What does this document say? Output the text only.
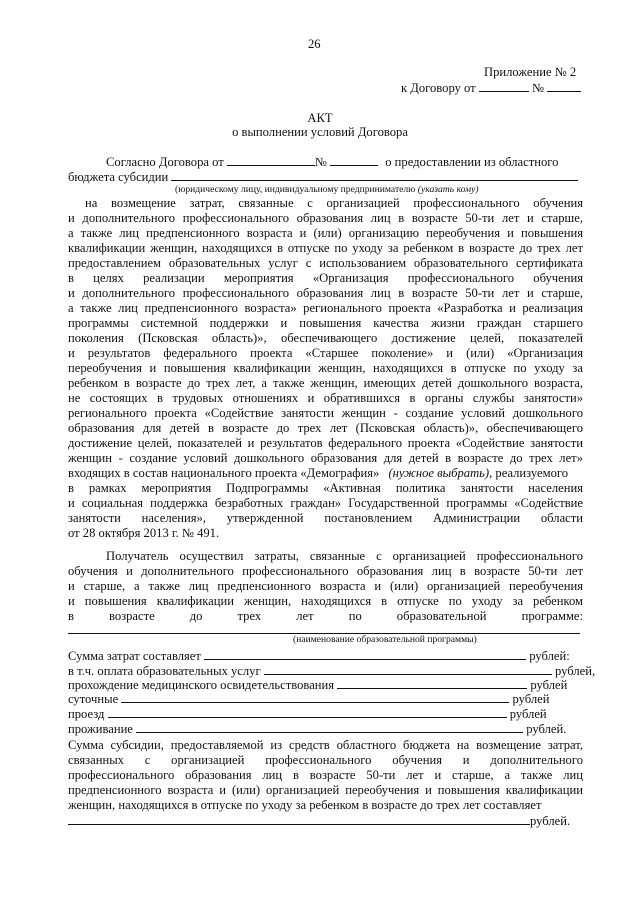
26
Приложение № 2
к Договору от	№
АКТ
о выполнении условий Договора
Согласно Договора от	№	о предоставлении из областного
бюджета субсидии
(юридическому лицу, индивидуальному предпринимателю (указать кому)
на возмещение затрат, связанные с организацией профессионального обучения
и дополнительного профессионального образования лиц в возрасте 50-ти лет и старше,
а также лиц предпенсионного возраста и (или) организацию переобучения и повышения
квалификации женщин, находящихся в отпуске по уходу за ребенком в возрасте до трех лет
предоставлением образовательных услуг с использованием образовательного сертификата
в целях реализации мероприятия «Организация профессионального обучения
и дополнительного профессионального образования лиц в возрасте 50-ти лет и старше,
а также лиц предпенсионного возраста» регионального проекта «Разработка и реализация
программы системной поддержки и повышения качества жизни граждан старшего
поколения (Псковская область)», обеспечивающего достижение целей, показателей
и результатов федерального проекта «Старшее поколение» и (или) «Организация
переобучения и повышения квалификации женщин, находящихся в отпуске по уходу за
ребенком в возрасте до трех лет, а также женщин, имеющих детей дошкольного возраста,
не состоящих в трудовых отношениях и обратившихся в органы службы занятости»
регионального проекта «Содействие занятости женщин - создание условий дошкольного
образования для детей в возрасте до трех лет (Псковская область)», обеспечивающего
достижение целей, показателей и результатов федерального проекта «Содействие занятости
женщин - создание условий дошкольного образования для детей в возрасте до трех лет»
входящих в состав национального проекта «Демография» (нужное выбрать), реализуемого
в рамках мероприятия Подпрограммы «Активная политика занятости населения
и социальная поддержка безработных граждан» Государственной программы «Содействие
занятости населения», утвержденной постановлением Администрации области
от 28 октября 2013 г. № 491.
Получатель осуществил затраты, связанные с организацией профессионального
обучения и дополнительного профессионального образования лиц в возрасте 50-ти лет
и старше, а также лиц предпенсионного возраста и (или) организацией переобучения
и повышения квалификации женщин, находящихся в отпуске по уходу за ребенком
в возрасте до трех лет по образовательной программе:
(наименование образовательной программы)
Сумма затрат составляет	рублей:
в т.ч. оплата образовательных услуг	рублей,
прохождение медицинского освидетельствования	рублей
суточные	рублей
проезд	рублей
проживание	рублей.
Сумма субсидии, предоставляемой из средств областного бюджета на возмещение затрат,
связанных с организацией профессионального обучения и дополнительного
профессионального образования лиц в возрасте 50-ти лет и старше, а также лиц
предпенсионного возраста и (или) организацией переобучения и повышения квалификации
женщин, находящихся в отпуске по уходу за ребенком в возрасте до трех лет составляет
рублей.
